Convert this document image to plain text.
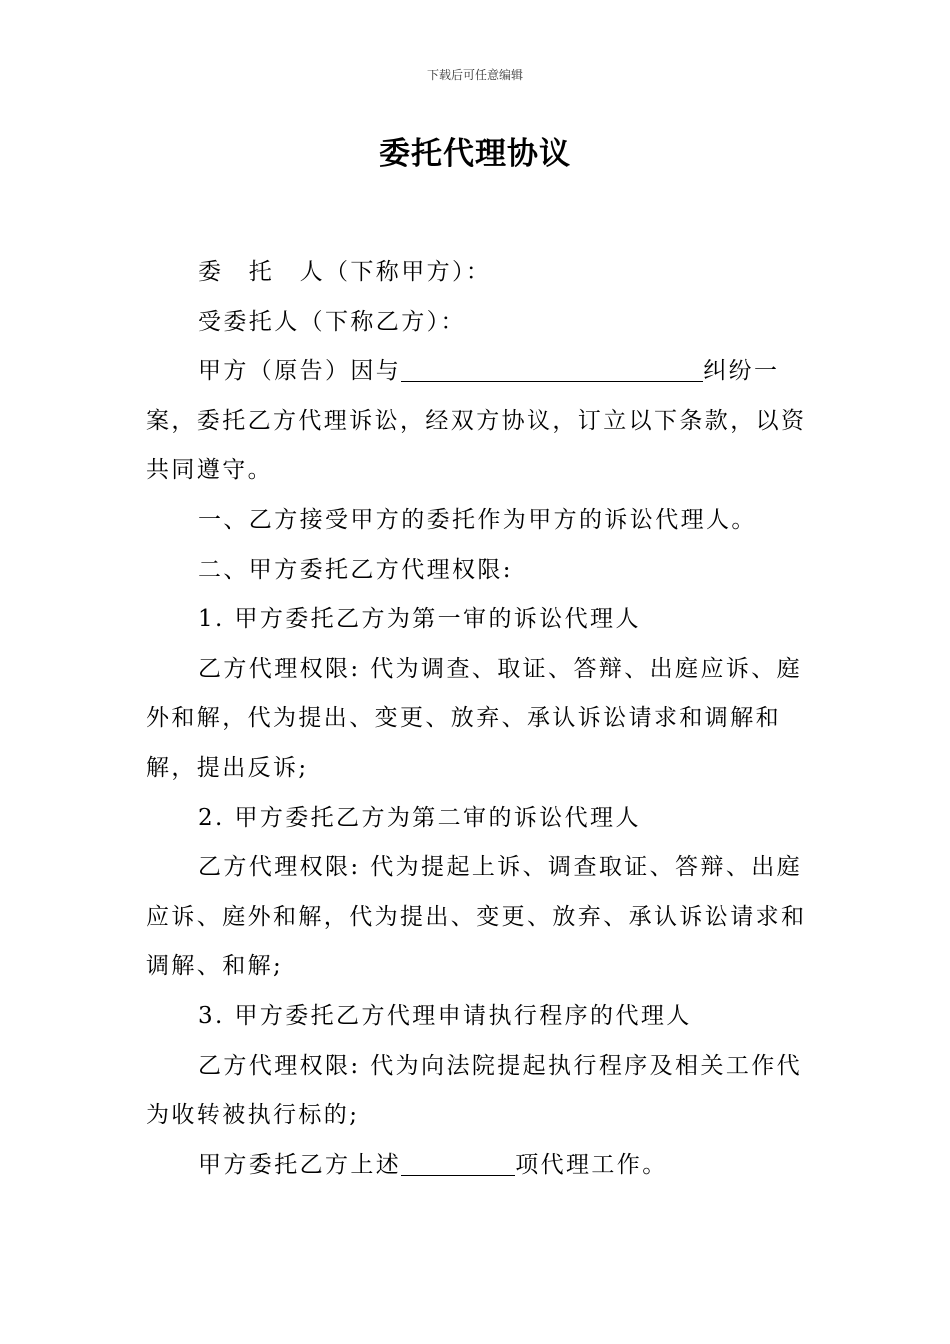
下载后可任意编辑
委托代理协议

委　托　人（下称甲方）：

受委托人（下称乙方）：

甲方（原告）因与	纠纷一案，委托乙方代理诉讼，经双方协议，订立以下条款，以资共同遵守。

一、乙方接受甲方的委托作为甲方的诉讼代理人。

二、甲方委托乙方代理权限:

1. 甲方委托乙方为第一审的诉讼代理人

乙方代理权限: 代为调查、取证、答辩、出庭应诉、庭外和解，代为提出、变更、放弃、承认诉讼请求和调解和解，提出反诉;

2. 甲方委托乙方为第二审的诉讼代理人

乙方代理权限: 代为提起上诉、调查取证、答辩、出庭应诉、庭外和解，代为提出、变更、放弃、承认诉讼请求和调解、和解;

3. 甲方委托乙方代理申请执行程序的代理人

乙方代理权限: 代为向法院提起执行程序及相关工作代为收转被执行标的;

甲方委托乙方上述	项代理工作。
